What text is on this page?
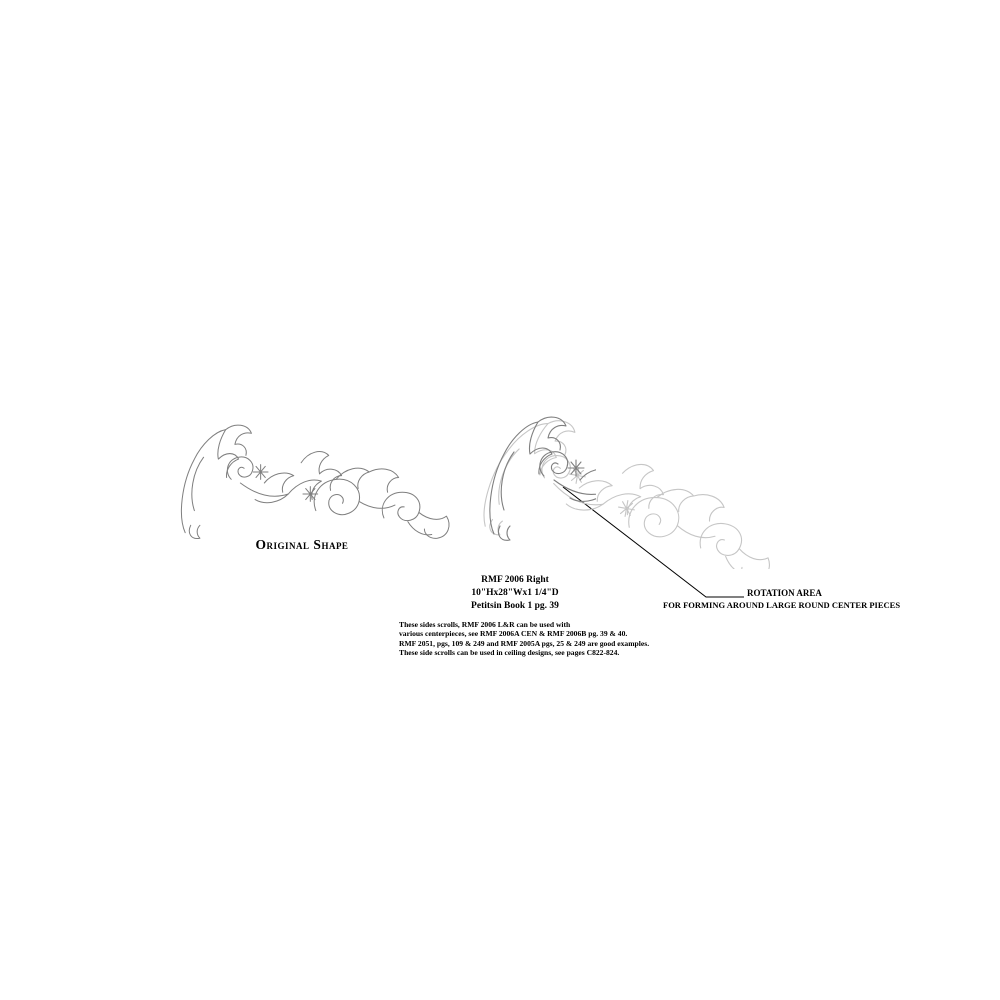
Original Shape
ROTATION AREA
FOR FORMING AROUND LARGE ROUND CENTER PIECES
RMF 2006 Right
10"Hx28"Wx1 1/4"D
Petitsin Book 1 pg. 39
These sides scrolls, RMF 2006 L&R can be used with
various centerpieces, see RMF 2006A CEN & RMF 2006B pg. 39 & 40.
RMF 2051, pgs, 109 & 249 and RMF 2005A pgs, 25 & 249 are good examples.
These side scrolls can be used in ceiling designs, see pages C822-824.
